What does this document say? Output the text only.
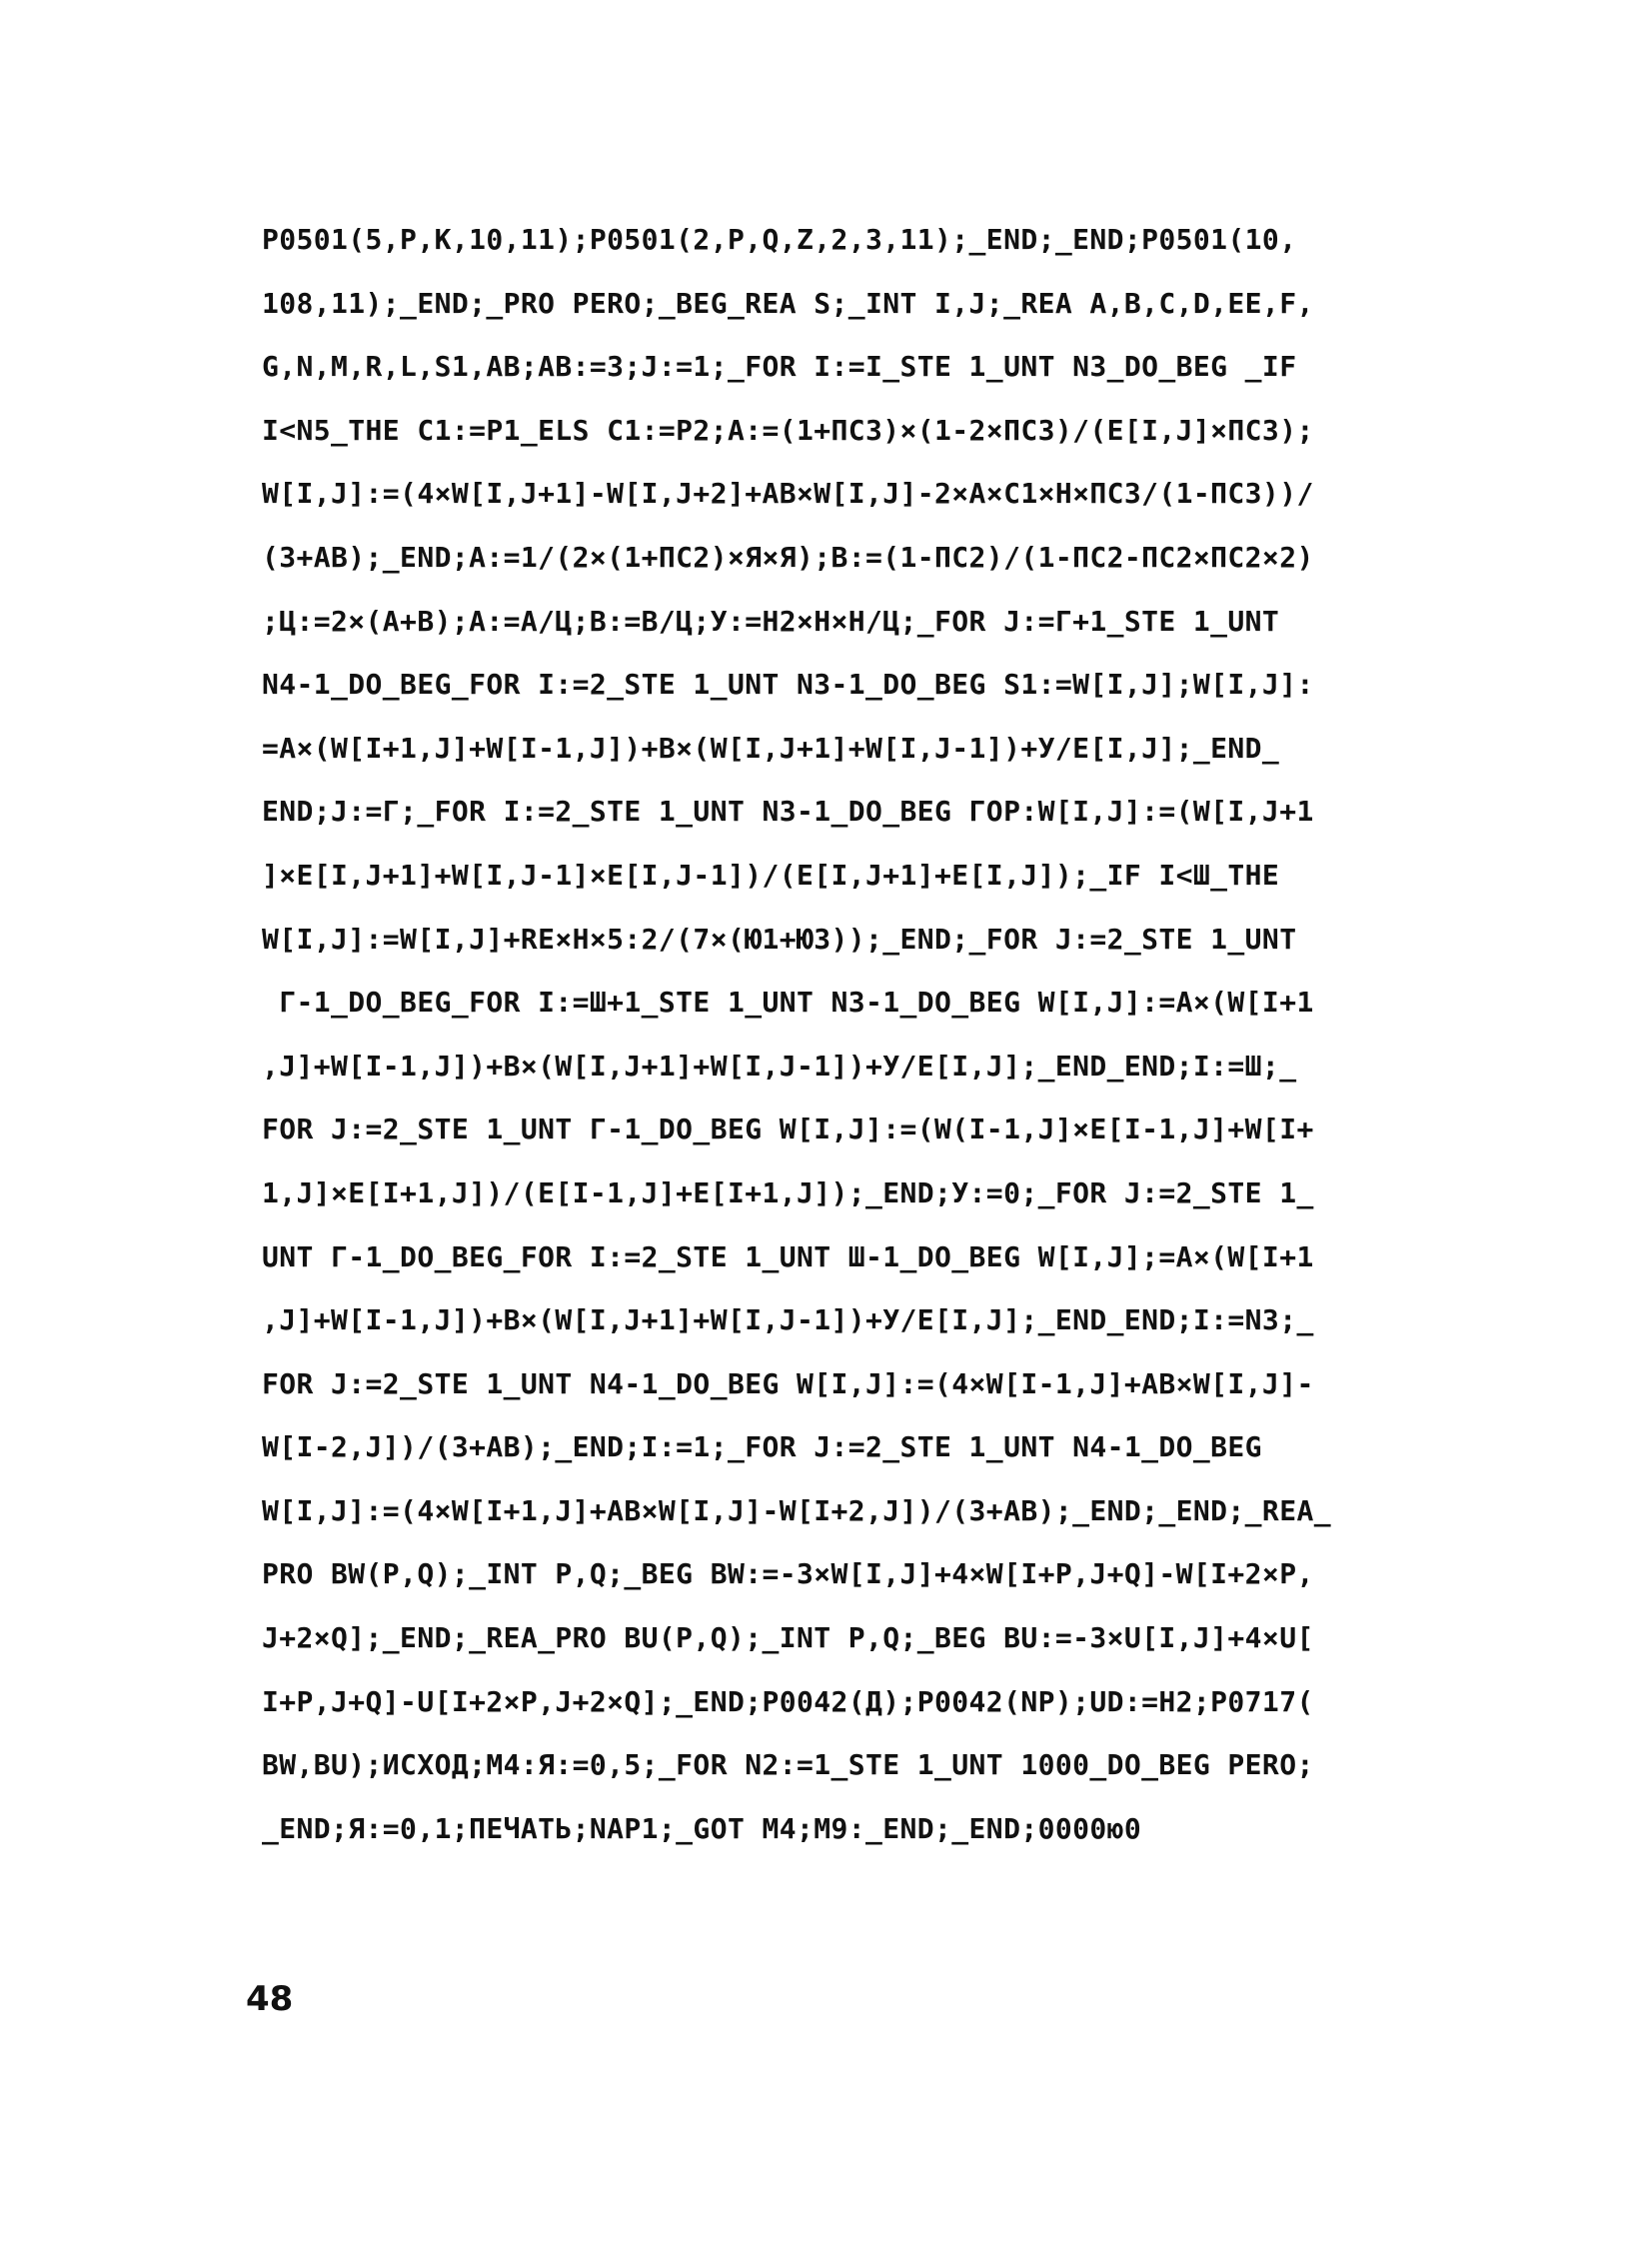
P0501(5,P,K,10,11);P0501(2,P,Q,Z,2,3,11);_END;_END;P0501(10,
108,11);_END;_PRO PERO;_BEG_REA S;_INT I,J;_REA A,B,C,D,EE,F,
G,N,M,R,L,S1,AB;AB:=3;J:=1;_FOR I:=I_STE 1_UNT N3_DO_BEG _IF
I<N5_THE C1:=P1_ELS C1:=P2;A:=(1+ПС3)×(1-2×ПС3)/(E[I,J]×ПС3);
W[I,J]:=(4×W[I,J+1]-W[I,J+2]+AB×W[I,J]-2×A×C1×H×ПС3/(1-ПС3))/
(3+AB);_END;A:=1/(2×(1+ПС2)×Я×Я);B:=(1-ПС2)/(1-ПС2-ПС2×ПС2×2)
;Ц:=2×(A+B);A:=A/Ц;B:=B/Ц;У:=Н2×Н×Н/Ц;_FOR J:=Г+1_STE 1_UNT
N4-1_DO_BEG_FOR I:=2_STE 1_UNT N3-1_DO_BEG S1:=W[I,J];W[I,J]:
=A×(W[I+1,J]+W[I-1,J])+B×(W[I,J+1]+W[I,J-1])+У/E[I,J];_END_
END;J:=Г;_FOR I:=2_STE 1_UNT N3-1_DO_BEG ГОР:W[I,J]:=(W[I,J+1
]×E[I,J+1]+W[I,J-1]×E[I,J-1])/(E[I,J+1]+E[I,J]);_IF I<Ш_THE
W[I,J]:=W[I,J]+RE×H×5:2/(7×(Ю1+Ю3));_END;_FOR J:=2_STE 1_UNT
Г-1_DO_BEG_FOR I:=Ш+1_STE 1_UNT N3-1_DO_BEG W[I,J]:=A×(W[I+1
,J]+W[I-1,J])+B×(W[I,J+1]+W[I,J-1])+У/E[I,J];_END_END;I:=Ш;_
FOR J:=2_STE 1_UNT Г-1_DO_BEG W[I,J]:=(W(I-1,J]×E[I-1,J]+W[I+
1,J]×E[I+1,J])/(E[I-1,J]+E[I+1,J]);_END;У:=0;_FOR J:=2_STE 1_
UNT Г-1_DO_BEG_FOR I:=2_STE 1_UNT Ш-1_DO_BEG W[I,J];=A×(W[I+1
,J]+W[I-1,J])+B×(W[I,J+1]+W[I,J-1])+У/E[I,J];_END_END;I:=N3;_
FOR J:=2_STE 1_UNT N4-1_DO_BEG W[I,J]:=(4×W[I-1,J]+AB×W[I,J]-
W[I-2,J])/(3+AB);_END;I:=1;_FOR J:=2_STE 1_UNT N4-1_DO_BEG
W[I,J]:=(4×W[I+1,J]+AB×W[I,J]-W[I+2,J])/(3+AB);_END;_END;_REA_
PRO BW(P,Q);_INT P,Q;_BEG BW:=-3×W[I,J]+4×W[I+P,J+Q]-W[I+2×P,
J+2×Q];_END;_REA_PRO BU(P,Q);_INT P,Q;_BEG BU:=-3×U[I,J]+4×U[
I+P,J+Q]-U[I+2×P,J+2×Q];_END;P0042(Д);P0042(NP);UD:=Н2;P0717(
BW,BU);ИСХОД;M4:Я:=0,5;_FOR N2:=1_STE 1_UNT 1000_DO_BEG PERO;
_END;Я:=0,1;ПЕЧАТЬ;NAP1;_GOT M4;M9:_END;_END;0000ю0
48
